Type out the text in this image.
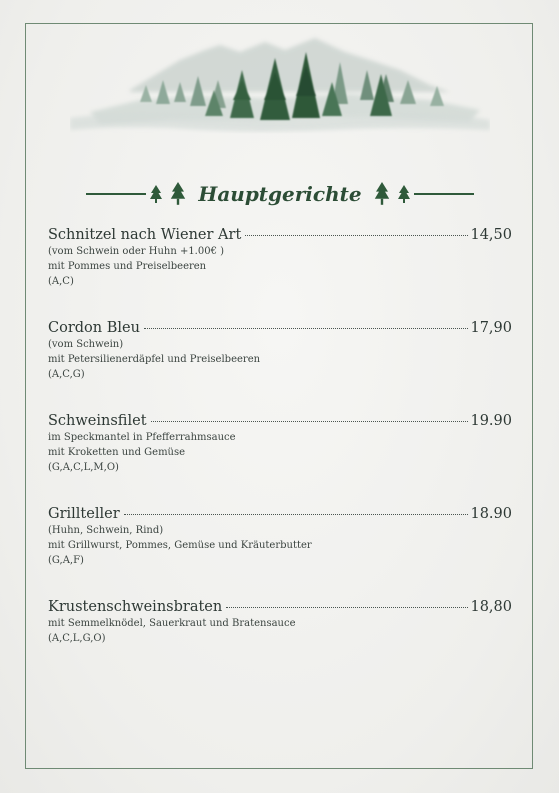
Hauptgerichte
Schnitzel nach Wiener Art	14,50
(vom Schwein oder Huhn +1.00€ )
mit Pommes und Preiselbeeren
(A,C)
Cordon Bleu	17,90
(vom Schwein)
mit Petersilienerdäpfel und Preiselbeeren
(A,C,G)
Schweinsfilet	19.90
im Speckmantel in Pfefferrahmsauce
mit Kroketten und Gemüse
(G,A,C,L,M,O)
Grillteller	18.90
(Huhn, Schwein, Rind)
mit Grillwurst, Pommes, Gemüse und Kräuterbutter
(G,A,F)
Krustenschweinsbraten	18,80
mit Semmelknödel, Sauerkraut und Bratensauce
(A,C,L,G,O)
